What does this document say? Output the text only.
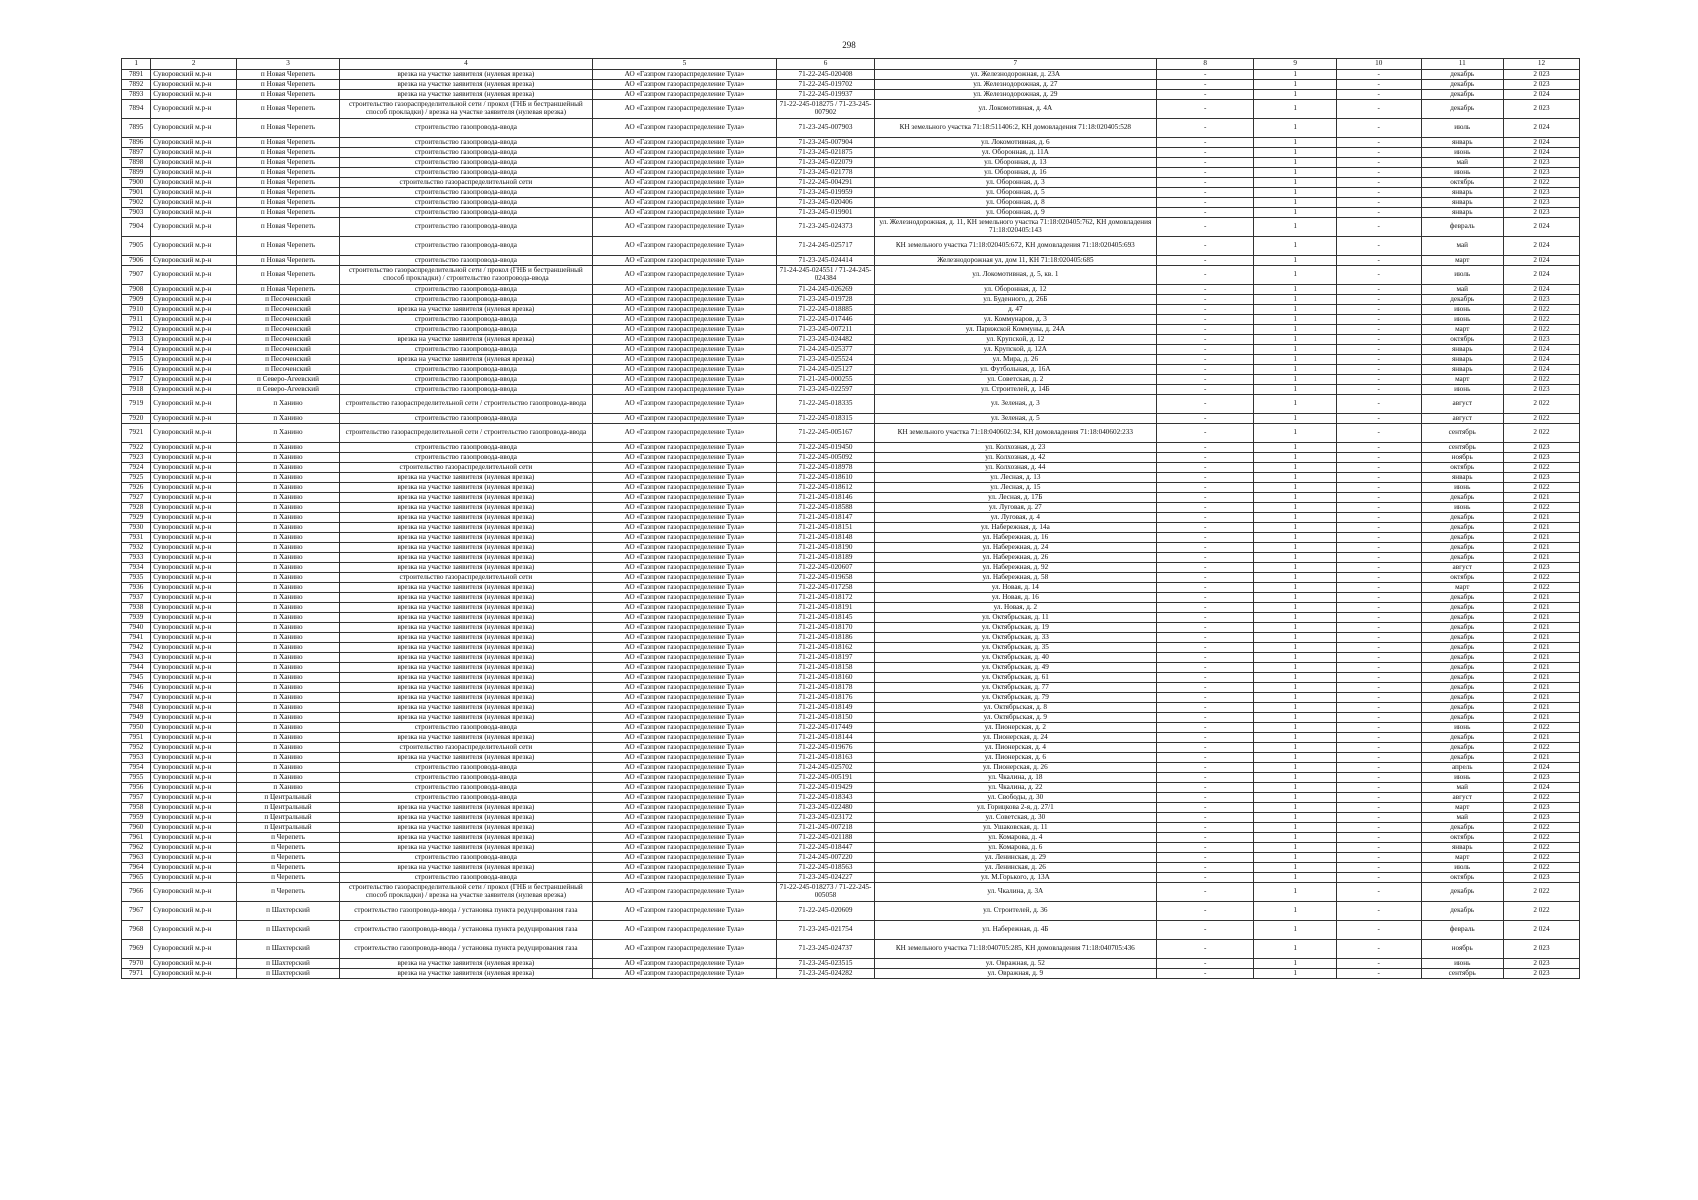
298
1	2	3	4	5	6	7	8	9	10	11	12
7891	Суворовский м.р-н	п Новая Черепеть	врезка на участке заявителя (нулевая врезка)	АО «Газпром газораспределение Тула»	71-22-245-020408	ул. Железнодорожная, д. 23А	-	1	-	декабрь	2 023
7892	Суворовский м.р-н	п Новая Черепеть	врезка на участке заявителя (нулевая врезка)	АО «Газпром газораспределение Тула»	71-22-245-019702	ул. Железнодорожная, д. 27	-	1	-	декабрь	2 023
7893	Суворовский м.р-н	п Новая Черепеть	врезка на участке заявителя (нулевая врезка)	АО «Газпром газораспределение Тула»	71-22-245-019937	ул. Железнодорожная, д. 29	-	1	-	декабрь	2 024
7894	Суворовский м.р-н	п Новая Черепеть	строительство газораспределительной сети / прокол (ГНБ и бестраншейный способ прокладки) / врезка на участке заявителя (нулевая врезка)	АО «Газпром газораспределение Тула»	71-22-245-018275 / 71-23-245-007902	ул. Локомотивная, д. 4А	-	1	-	декабрь	2 023
7895	Суворовский м.р-н	п Новая Черепеть	строительство газопровода-ввода	АО «Газпром газораспределение Тула»	71-23-245-007903	КН земельного участка 71:18:511406:2, КН домовладения 71:18:020405:528	-	1	-	июль	2 024
7896	Суворовский м.р-н	п Новая Черепеть	строительство газопровода-ввода	АО «Газпром газораспределение Тула»	71-23-245-007904	ул. Локомотивная, д. 6	-	1	-	январь	2 024
7897	Суворовский м.р-н	п Новая Черепеть	строительство газопровода-ввода	АО «Газпром газораспределение Тула»	71-23-245-021875	ул. Оборонная, д. 11А	-	1	-	июнь	2 024
7898	Суворовский м.р-н	п Новая Черепеть	строительство газопровода-ввода	АО «Газпром газораспределение Тула»	71-23-245-022079	ул. Оборонная, д. 13	-	1	-	май	2 023
7899	Суворовский м.р-н	п Новая Черепеть	строительство газопровода-ввода	АО «Газпром газораспределение Тула»	71-23-245-021778	ул. Оборонная, д. 16	-	1	-	июнь	2 023
7900	Суворовский м.р-н	п Новая Черепеть	строительство газораспределительной сети	АО «Газпром газораспределение Тула»	71-22-245-004291	ул. Оборонная, д. 3	-	1	-	октябрь	2 022
7901	Суворовский м.р-н	п Новая Черепеть	строительство газопровода-ввода	АО «Газпром газораспределение Тула»	71-23-245-019959	ул. Оборонная, д. 5	-	1	-	январь	2 023
7902	Суворовский м.р-н	п Новая Черепеть	строительство газопровода-ввода	АО «Газпром газораспределение Тула»	71-23-245-020406	ул. Оборонная, д. 8	-	1	-	январь	2 023
7903	Суворовский м.р-н	п Новая Черепеть	строительство газопровода-ввода	АО «Газпром газораспределение Тула»	71-23-245-019901	ул. Оборонная, д. 9	-	1	-	январь	2 023
7904	Суворовский м.р-н	п Новая Черепеть	строительство газопровода-ввода	АО «Газпром газораспределение Тула»	71-23-245-024373	ул. Железнодорожная, д. 11, КН земельного участка 71:18:020405:762, КН домовладения 71:18:020405:143	-	1	-	февраль	2 024
7905	Суворовский м.р-н	п Новая Черепеть	строительство газопровода-ввода	АО «Газпром газораспределение Тула»	71-24-245-025717	КН земельного участка 71:18:020405:672, КН домовладения 71:18:020405:693	-	1	-	май	2 024
7906	Суворовский м.р-н	п Новая Черепеть	строительство газопровода-ввода	АО «Газпром газораспределение Тула»	71-23-245-024414	Железнодорожная ул, дом 11, КН 71:18:020405:685	-	1	-	март	2 024
7907	Суворовский м.р-н	п Новая Черепеть	строительство газораспределительной сети / прокол (ГНБ и бестраншейный способ прокладки) / строительство газопровода-ввода	АО «Газпром газораспределение Тула»	71-24-245-024551 / 71-24-245-024384	ул. Локомотивная, д. 5, кв. 1	-	1	-	июль	2 024
7908	Суворовский м.р-н	п Новая Черепеть	строительство газопровода-ввода	АО «Газпром газораспределение Тула»	71-24-245-026269	ул. Оборонная, д. 12	-	1	-	май	2 024
7909	Суворовский м.р-н	п Песоченский	строительство газопровода-ввода	АО «Газпром газораспределение Тула»	71-23-245-019728	ул. Буденного, д. 26Б	-	1	-	декабрь	2 023
7910	Суворовский м.р-н	п Песоченский	врезка на участке заявителя (нулевая врезка)	АО «Газпром газораспределение Тула»	71-22-245-018885	д. 47	-	1	-	июнь	2 022
7911	Суворовский м.р-н	п Песоченский	строительство газопровода-ввода	АО «Газпром газораспределение Тула»	71-22-245-017446	ул. Коммунаров, д. 3	-	1	-	июнь	2 022
7912	Суворовский м.р-н	п Песоченский	строительство газопровода-ввода	АО «Газпром газораспределение Тула»	71-23-245-007211	ул. Парижской Коммуны, д. 24А	-	1	-	март	2 022
7913	Суворовский м.р-н	п Песоченский	врезка на участке заявителя (нулевая врезка)	АО «Газпром газораспределение Тула»	71-23-245-024482	ул. Крупской, д. 12	-	1	-	октябрь	2 023
7914	Суворовский м.р-н	п Песоченский	строительство газопровода-ввода	АО «Газпром газораспределение Тула»	71-24-245-025377	ул. Крупской, д. 12А	-	1	-	январь	2 024
7915	Суворовский м.р-н	п Песоченский	врезка на участке заявителя (нулевая врезка)	АО «Газпром газораспределение Тула»	71-23-245-025524	ул. Мира, д. 26	-	1	-	январь	2 024
7916	Суворовский м.р-н	п Песоченский	строительство газопровода-ввода	АО «Газпром газораспределение Тула»	71-24-245-025127	ул. Футбольная, д. 16А	-	1	-	январь	2 024
7917	Суворовский м.р-н	п Северо-Агеевский	строительство газопровода-ввода	АО «Газпром газораспределение Тула»	71-21-245-000255	ул. Советская, д. 2	-	1	-	март	2 022
7918	Суворовский м.р-н	п Северо-Агеевский	строительство газопровода-ввода	АО «Газпром газораспределение Тула»	71-23-245-022597	ул. Строителей, д. 14Б	-	1	-	июнь	2 023
7919	Суворовский м.р-н	п Ханино	строительство газораспределительной сети / строительство газопровода-ввода	АО «Газпром газораспределение Тула»	71-22-245-018335	ул. Зеленая, д. 3	-	1	-	август	2 022
7920	Суворовский м.р-н	п Ханино	строительство газопровода-ввода	АО «Газпром газораспределение Тула»	71-22-245-018315	ул. Зеленая, д. 5	-	1	-	август	2 022
7921	Суворовский м.р-н	п Ханино	строительство газораспределительной сети / строительство газопровода-ввода	АО «Газпром газораспределение Тула»	71-22-245-005167	КН земельного участка 71:18:040602:34, КН домовладения 71:18:040602:233	-	1	-	сентябрь	2 022
7922	Суворовский м.р-н	п Ханино	строительство газопровода-ввода	АО «Газпром газораспределение Тула»	71-22-245-019450	ул. Колхозная, д. 23	-	1	-	сентябрь	2 023
7923	Суворовский м.р-н	п Ханино	строительство газопровода-ввода	АО «Газпром газораспределение Тула»	71-22-245-005092	ул. Колхозная, д. 42	-	1	-	ноябрь	2 023
7924	Суворовский м.р-н	п Ханино	строительство газораспределительной сети	АО «Газпром газораспределение Тула»	71-22-245-018978	ул. Колхозная, д. 44	-	1	-	октябрь	2 022
7925	Суворовский м.р-н	п Ханино	врезка на участке заявителя (нулевая врезка)	АО «Газпром газораспределение Тула»	71-22-245-018610	ул. Лесная, д. 13	-	1	-	январь	2 023
7926	Суворовский м.р-н	п Ханино	врезка на участке заявителя (нулевая врезка)	АО «Газпром газораспределение Тула»	71-22-245-018612	ул. Лесная, д. 15	-	1	-	июнь	2 022
7927	Суворовский м.р-н	п Ханино	врезка на участке заявителя (нулевая врезка)	АО «Газпром газораспределение Тула»	71-21-245-018146	ул. Лесная, д. 17Б	-	1	-	декабрь	2 021
7928	Суворовский м.р-н	п Ханино	врезка на участке заявителя (нулевая врезка)	АО «Газпром газораспределение Тула»	71-22-245-018588	ул. Луговая, д. 27	-	1	-	июнь	2 022
7929	Суворовский м.р-н	п Ханино	врезка на участке заявителя (нулевая врезка)	АО «Газпром газораспределение Тула»	71-21-245-018147	ул. Луговая, д. 4	-	1	-	декабрь	2 021
7930	Суворовский м.р-н	п Ханино	врезка на участке заявителя (нулевая врезка)	АО «Газпром газораспределение Тула»	71-21-245-018151	ул. Набережная, д. 14а	-	1	-	декабрь	2 021
7931	Суворовский м.р-н	п Ханино	врезка на участке заявителя (нулевая врезка)	АО «Газпром газораспределение Тула»	71-21-245-018148	ул. Набережная, д. 16	-	1	-	декабрь	2 021
7932	Суворовский м.р-н	п Ханино	врезка на участке заявителя (нулевая врезка)	АО «Газпром газораспределение Тула»	71-21-245-018190	ул. Набережная, д. 24	-	1	-	декабрь	2 021
7933	Суворовский м.р-н	п Ханино	врезка на участке заявителя (нулевая врезка)	АО «Газпром газораспределение Тула»	71-21-245-018189	ул. Набережная, д. 26	-	1	-	декабрь	2 021
7934	Суворовский м.р-н	п Ханино	врезка на участке заявителя (нулевая врезка)	АО «Газпром газораспределение Тула»	71-22-245-020607	ул. Набережная, д. 92	-	1	-	август	2 023
7935	Суворовский м.р-н	п Ханино	строительство газораспределительной сети	АО «Газпром газораспределение Тула»	71-22-245-019658	ул. Набережная, д. 58	-	1	-	октябрь	2 022
7936	Суворовский м.р-н	п Ханино	врезка на участке заявителя (нулевая врезка)	АО «Газпром газораспределение Тула»	71-22-245-017258	ул. Новая, д. 14	-	1	-	март	2 022
7937	Суворовский м.р-н	п Ханино	врезка на участке заявителя (нулевая врезка)	АО «Газпром газораспределение Тула»	71-21-245-018172	ул. Новая, д. 16	-	1	-	декабрь	2 021
7938	Суворовский м.р-н	п Ханино	врезка на участке заявителя (нулевая врезка)	АО «Газпром газораспределение Тула»	71-21-245-018191	ул. Новая, д. 2	-	1	-	декабрь	2 021
7939	Суворовский м.р-н	п Ханино	врезка на участке заявителя (нулевая врезка)	АО «Газпром газораспределение Тула»	71-21-245-018145	ул. Октябрьская, д. 11	-	1	-	декабрь	2 021
7940	Суворовский м.р-н	п Ханино	врезка на участке заявителя (нулевая врезка)	АО «Газпром газораспределение Тула»	71-21-245-018170	ул. Октябрьская, д. 19	-	1	-	декабрь	2 021
7941	Суворовский м.р-н	п Ханино	врезка на участке заявителя (нулевая врезка)	АО «Газпром газораспределение Тула»	71-21-245-018186	ул. Октябрьская, д. 33	-	1	-	декабрь	2 021
7942	Суворовский м.р-н	п Ханино	врезка на участке заявителя (нулевая врезка)	АО «Газпром газораспределение Тула»	71-21-245-018162	ул. Октябрьская, д. 35	-	1	-	декабрь	2 021
7943	Суворовский м.р-н	п Ханино	врезка на участке заявителя (нулевая врезка)	АО «Газпром газораспределение Тула»	71-21-245-018197	ул. Октябрьская, д. 40	-	1	-	декабрь	2 021
7944	Суворовский м.р-н	п Ханино	врезка на участке заявителя (нулевая врезка)	АО «Газпром газораспределение Тула»	71-21-245-018158	ул. Октябрьская, д. 49	-	1	-	декабрь	2 021
7945	Суворовский м.р-н	п Ханино	врезка на участке заявителя (нулевая врезка)	АО «Газпром газораспределение Тула»	71-21-245-018160	ул. Октябрьская, д. 61	-	1	-	декабрь	2 021
7946	Суворовский м.р-н	п Ханино	врезка на участке заявителя (нулевая врезка)	АО «Газпром газораспределение Тула»	71-21-245-018178	ул. Октябрьская, д. 77	-	1	-	декабрь	2 021
7947	Суворовский м.р-н	п Ханино	врезка на участке заявителя (нулевая врезка)	АО «Газпром газораспределение Тула»	71-21-245-018176	ул. Октябрьская, д. 79	-	1	-	декабрь	2 021
7948	Суворовский м.р-н	п Ханино	врезка на участке заявителя (нулевая врезка)	АО «Газпром газораспределение Тула»	71-21-245-018149	ул. Октябрьская, д. 8	-	1	-	декабрь	2 021
7949	Суворовский м.р-н	п Ханино	врезка на участке заявителя (нулевая врезка)	АО «Газпром газораспределение Тула»	71-21-245-018150	ул. Октябрьская, д. 9	-	1	-	декабрь	2 021
7950	Суворовский м.р-н	п Ханино	строительство газопровода-ввода	АО «Газпром газораспределение Тула»	71-22-245-017449	ул. Пионерская, д. 2	-	1	-	июнь	2 022
7951	Суворовский м.р-н	п Ханино	врезка на участке заявителя (нулевая врезка)	АО «Газпром газораспределение Тула»	71-21-245-018144	ул. Пионерская, д. 24	-	1	-	декабрь	2 021
7952	Суворовский м.р-н	п Ханино	строительство газораспределительной сети	АО «Газпром газораспределение Тула»	71-22-245-019676	ул. Пионерская, д. 4	-	1	-	декабрь	2 022
7953	Суворовский м.р-н	п Ханино	врезка на участке заявителя (нулевая врезка)	АО «Газпром газораспределение Тула»	71-21-245-018163	ул. Пионерская, д. 6	-	1	-	декабрь	2 021
7954	Суворовский м.р-н	п Ханино	строительство газопровода-ввода	АО «Газпром газораспределение Тула»	71-24-245-025702	ул. Пионерская, д. 26	-	1	-	апрель	2 024
7955	Суворовский м.р-н	п Ханино	строительство газопровода-ввода	АО «Газпром газораспределение Тула»	71-22-245-005191	ул. Чкалина, д. 18	-	1	-	июнь	2 023
7956	Суворовский м.р-н	п Ханино	строительство газопровода-ввода	АО «Газпром газораспределение Тула»	71-22-245-019429	ул. Чкалина, д. 22	-	1	-	май	2 024
7957	Суворовский м.р-н	п Центральный	строительство газопровода-ввода	АО «Газпром газораспределение Тула»	71-22-245-018343	ул. Свободы, д. 30	-	1	-	август	2 022
7958	Суворовский м.р-н	п Центральный	врезка на участке заявителя (нулевая врезка)	АО «Газпром газораспределение Тула»	71-23-245-022480	ул. Горицкова 2-я, д. 27/1	-	1	-	март	2 023
7959	Суворовский м.р-н	п Центральный	врезка на участке заявителя (нулевая врезка)	АО «Газпром газораспределение Тула»	71-23-245-023172	ул. Советская, д. 30	-	1	-	май	2 023
7960	Суворовский м.р-н	п Центральный	врезка на участке заявителя (нулевая врезка)	АО «Газпром газораспределение Тула»	71-21-245-007218	ул. Ушаковская, д. 11	-	1	-	декабрь	2 022
7961	Суворовский м.р-н	п Черепеть	врезка на участке заявителя (нулевая врезка)	АО «Газпром газораспределение Тула»	71-22-245-021188	ул. Комарова, д. 4	-	1	-	октябрь	2 022
7962	Суворовский м.р-н	п Черепеть	врезка на участке заявителя (нулевая врезка)	АО «Газпром газораспределение Тула»	71-22-245-018447	ул. Комарова, д. 6	-	1	-	январь	2 022
7963	Суворовский м.р-н	п Черепеть	строительство газопровода-ввода	АО «Газпром газораспределение Тула»	71-24-245-007220	ул. Ленинская, д. 29	-	1	-	март	2 022
7964	Суворовский м.р-н	п Черепеть	врезка на участке заявителя (нулевая врезка)	АО «Газпром газораспределение Тула»	71-22-245-018563	ул. Ленинская, д. 26	-	1	-	июль	2 022
7965	Суворовский м.р-н	п Черепеть	строительство газопровода-ввода	АО «Газпром газораспределение Тула»	71-23-245-024227	ул. М.Горького, д. 13А	-	1	-	октябрь	2 023
7966	Суворовский м.р-н	п Черепеть	строительство газораспределительной сети / прокол (ГНБ и бестраншейный способ прокладки) / врезка на участке заявителя (нулевая врезка)	АО «Газпром газораспределение Тула»	71-22-245-018273 / 71-22-245-005058	ул. Чкалина, д. 3А	-	1	-	декабрь	2 022
7967	Суворовский м.р-н	п Шахтерский	строительство газопровода-ввода / установка пункта редуцирования газа	АО «Газпром газораспределение Тула»	71-22-245-020609	ул. Строителей, д. 36	-	1	-	декабрь	2 022
7968	Суворовский м.р-н	п Шахтерский	строительство газопровода-ввода / установка пункта редуцирования газа	АО «Газпром газораспределение Тула»	71-23-245-021754	ул. Набережная, д. 4Б	-	1	-	февраль	2 024
7969	Суворовский м.р-н	п Шахтерский	строительство газопровода-ввода / установка пункта редуцирования газа	АО «Газпром газораспределение Тула»	71-23-245-024737	КН земельного участка 71:18:040705:285, КН домовладения 71:18:040705:436	-	1	-	ноябрь	2 023
7970	Суворовский м.р-н	п Шахтерский	врезка на участке заявителя (нулевая врезка)	АО «Газпром газораспределение Тула»	71-23-245-023515	ул. Овражная, д. 52	-	1	-	июнь	2 023
7971	Суворовский м.р-н	п Шахтерский	врезка на участке заявителя (нулевая врезка)	АО «Газпром газораспределение Тула»	71-23-245-024282	ул. Овражная, д. 9	-	1	-	сентябрь	2 023
